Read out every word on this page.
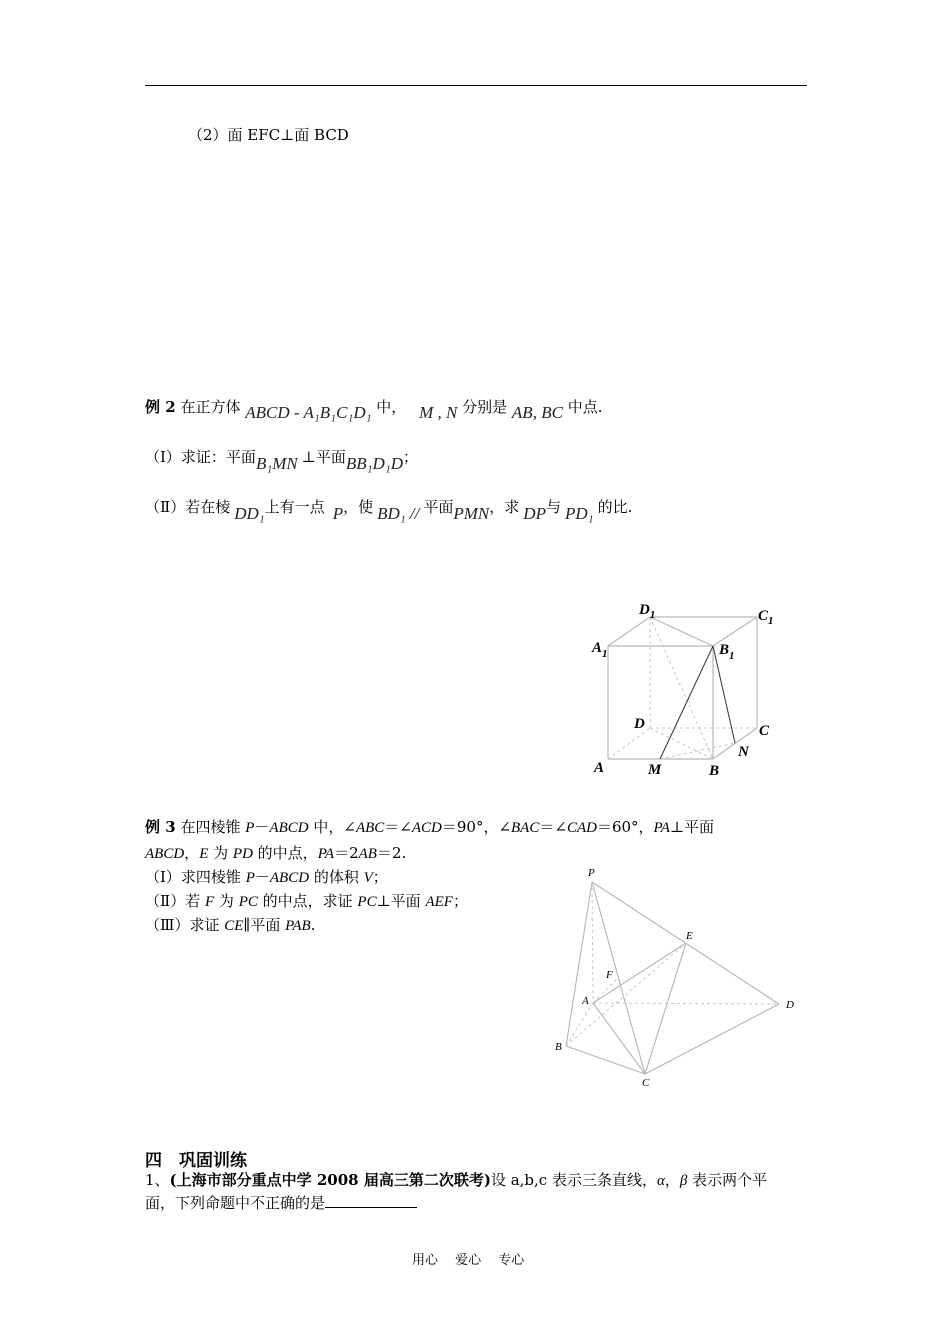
（2）面 EFC⊥面 BCD
例 2 在正方体 ABCD - A₁B₁C₁D₁ 中， M , N 分别是 AB, BC 中点.
（Ⅰ）求证：平面B₁MN ⊥平面BB₁D₁D；
（Ⅱ）若在棱 DD₁上有一点 P，使 BD₁ // 平面PMN，求 DP与 PD₁ 的比.
$D_1$	$C_1$
$A_1$	$B_1$
D	C
N
A	M	B
例 3 在四棱锥 P－ABCD 中，∠ABC＝∠ACD＝90°，∠BAC＝∠CAD＝60°，PA⊥平面
ABCD，E 为 PD 的中点，PA＝2AB＝2.
（Ⅰ）求四棱锥 P－ABCD 的体积 V；
（Ⅱ）若 F 为 PC 的中点，求证 PC⊥平面 AEF；
（Ⅲ）求证 CE∥平面 PAB.
P
E
F
A	D
B
C
四　巩固训练
1、(上海市部分重点中学 2008 届高三第二次联考)设 a,b,c 表示三条直线，α，β 表示两个平
面，下列命题中不正确的是
用心　 爱心　 专心
